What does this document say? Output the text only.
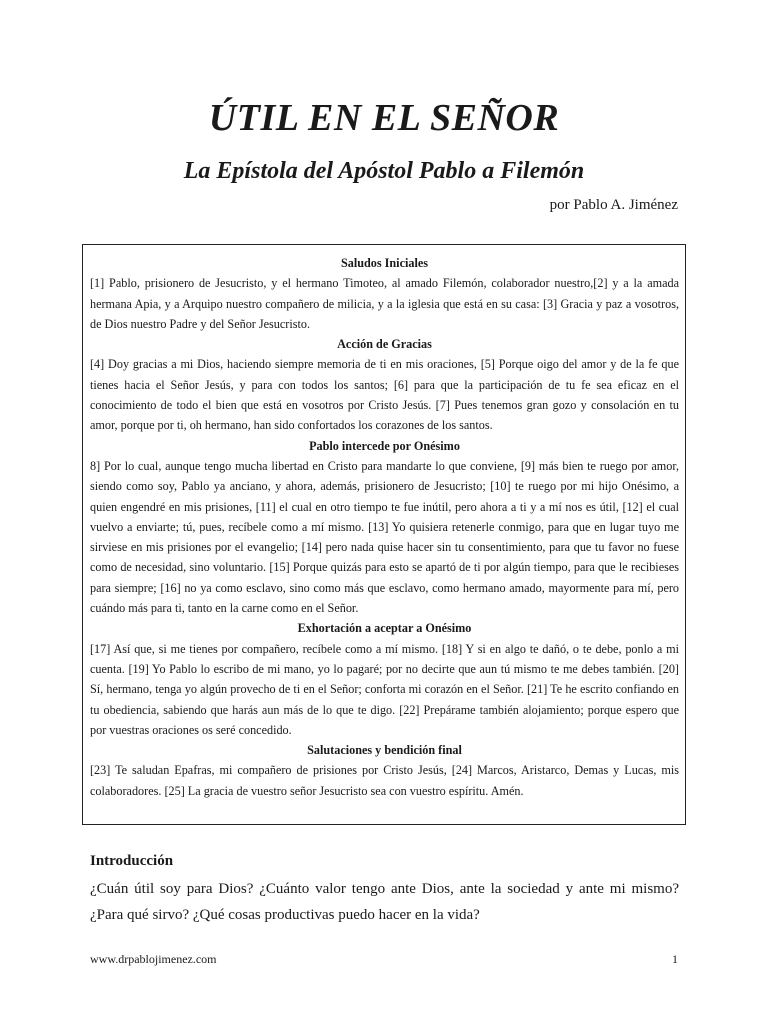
ÚTIL EN EL SEÑOR
La Epístola del Apóstol Pablo a Filemón

por Pablo A. Jiménez

Saludos Iniciales

[1] Pablo, prisionero de Jesucristo, y el hermano Timoteo, al amado Filemón, colaborador nuestro,[2] y a la amada hermana Apia, y a Arquipo nuestro compañero de milicia, y a la iglesia que está en su casa: [3] Gracia y paz a vosotros, de Dios nuestro Padre y del Señor Jesucristo.

Acción de Gracias

[4] Doy gracias a mi Dios, haciendo siempre memoria de ti en mis oraciones, [5] Porque oigo del amor y de la fe que tienes hacia el Señor Jesús, y para con todos los santos; [6] para que la participación de tu fe sea eficaz en el conocimiento de todo el bien que está en vosotros por Cristo Jesús. [7] Pues tenemos gran gozo y consolación en tu amor, porque por ti, oh hermano, han sido confortados los corazones de los santos.

Pablo intercede por Onésimo

8] Por lo cual, aunque tengo mucha libertad en Cristo para mandarte lo que conviene, [9] más bien te ruego por amor, siendo como soy, Pablo ya anciano, y ahora, además, prisionero de Jesucristo; [10] te ruego por mi hijo Onésimo, a quien engendré en mis prisiones, [11] el cual en otro tiempo te fue inútil, pero ahora a ti y a mí nos es útil, [12] el cual vuelvo a enviarte; tú, pues, recíbele como a mí mismo. [13] Yo quisiera retenerle conmigo, para que en lugar tuyo me sirviese en mis prisiones por el evangelio; [14] pero nada quise hacer sin tu consentimiento, para que tu favor no fuese como de necesidad, sino voluntario. [15] Porque quizás para esto se apartó de ti por algún tiempo, para que le recibieses para siempre; [16] no ya como esclavo, sino como más que esclavo, como hermano amado, mayormente para mí, pero cuándo más para ti, tanto en la carne como en el Señor.

Exhortación a aceptar a Onésimo

[17] Así que, si me tienes por compañero, recíbele como a mí mismo. [18] Y si en algo te dañó, o te debe, ponlo a mi cuenta. [19] Yo Pablo lo escribo de mi mano, yo lo pagaré; por no decirte que aun tú mismo te me debes también. [20] Sí, hermano, tenga yo algún provecho de ti en el Señor; conforta mi corazón en el Señor. [21] Te he escrito confiando en tu obediencia, sabiendo que harás aun más de lo que te digo. [22] Prepárame también alojamiento; porque espero que por vuestras oraciones os seré concedido.

Salutaciones y bendición final

[23] Te saludan Epafras, mi compañero de prisiones por Cristo Jesús, [24] Marcos, Aristarco, Demas y Lucas, mis colaboradores. [25] La gracia de vuestro señor Jesucristo sea con vuestro espíritu. Amén.

Introducción

¿Cuán útil soy para Dios? ¿Cuánto valor tengo ante Dios, ante la sociedad y ante mi mismo? ¿Para qué sirvo? ¿Qué cosas productivas puedo hacer en la vida?

www.drpablojimenez.com	1
